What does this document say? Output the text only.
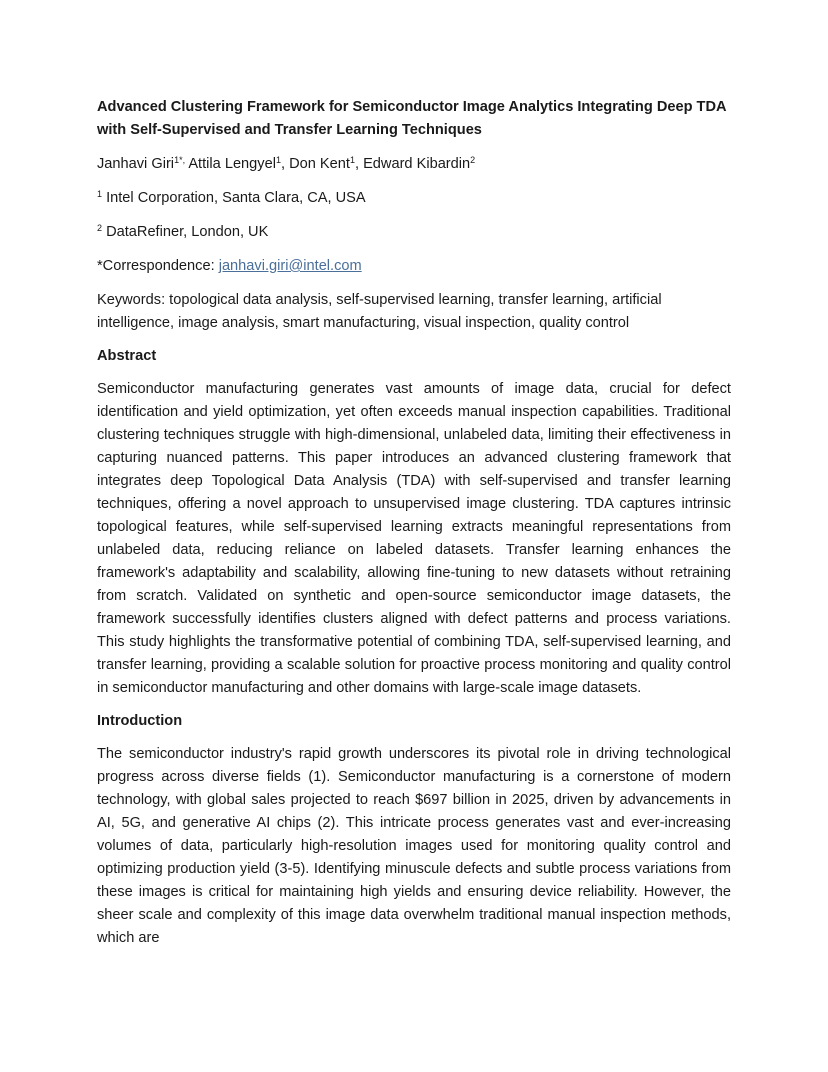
Advanced Clustering Framework for Semiconductor Image Analytics Integrating Deep TDA with Self-Supervised and Transfer Learning Techniques

Janhavi Giri$^{1*,}$ Attila Lengyel$^1$, Don Kent$^1$, Edward Kibardin$^2$

$^1$ Intel Corporation, Santa Clara, CA, USA

$^2$ DataRefiner, London, UK

*Correspondence: janhavi.giri@intel.com

Keywords: topological data analysis, self-supervised learning, transfer learning, artificial intelligence, image analysis, smart manufacturing, visual inspection, quality control

Abstract

Semiconductor manufacturing generates vast amounts of image data, crucial for defect identification and yield optimization, yet often exceeds manual inspection capabilities. Traditional clustering techniques struggle with high-dimensional, unlabeled data, limiting their effectiveness in capturing nuanced patterns. This paper introduces an advanced clustering framework that integrates deep Topological Data Analysis (TDA) with self-supervised and transfer learning techniques, offering a novel approach to unsupervised image clustering. TDA captures intrinsic topological features, while self-supervised learning extracts meaningful representations from unlabeled data, reducing reliance on labeled datasets. Transfer learning enhances the framework's adaptability and scalability, allowing fine-tuning to new datasets without retraining from scratch. Validated on synthetic and open-source semiconductor image datasets, the framework successfully identifies clusters aligned with defect patterns and process variations. This study highlights the transformative potential of combining TDA, self-supervised learning, and transfer learning, providing a scalable solution for proactive process monitoring and quality control in semiconductor manufacturing and other domains with large-scale image datasets.

Introduction

The semiconductor industry's rapid growth underscores its pivotal role in driving technological progress across diverse fields (1). Semiconductor manufacturing is a cornerstone of modern technology, with global sales projected to reach $697 billion in 2025, driven by advancements in AI, 5G, and generative AI chips (2). This intricate process generates vast and ever-increasing volumes of data, particularly high-resolution images used for monitoring quality control and optimizing production yield (3-5). Identifying minuscule defects and subtle process variations from these images is critical for maintaining high yields and ensuring device reliability. However, the sheer scale and complexity of this image data overwhelm traditional manual inspection methods, which are
